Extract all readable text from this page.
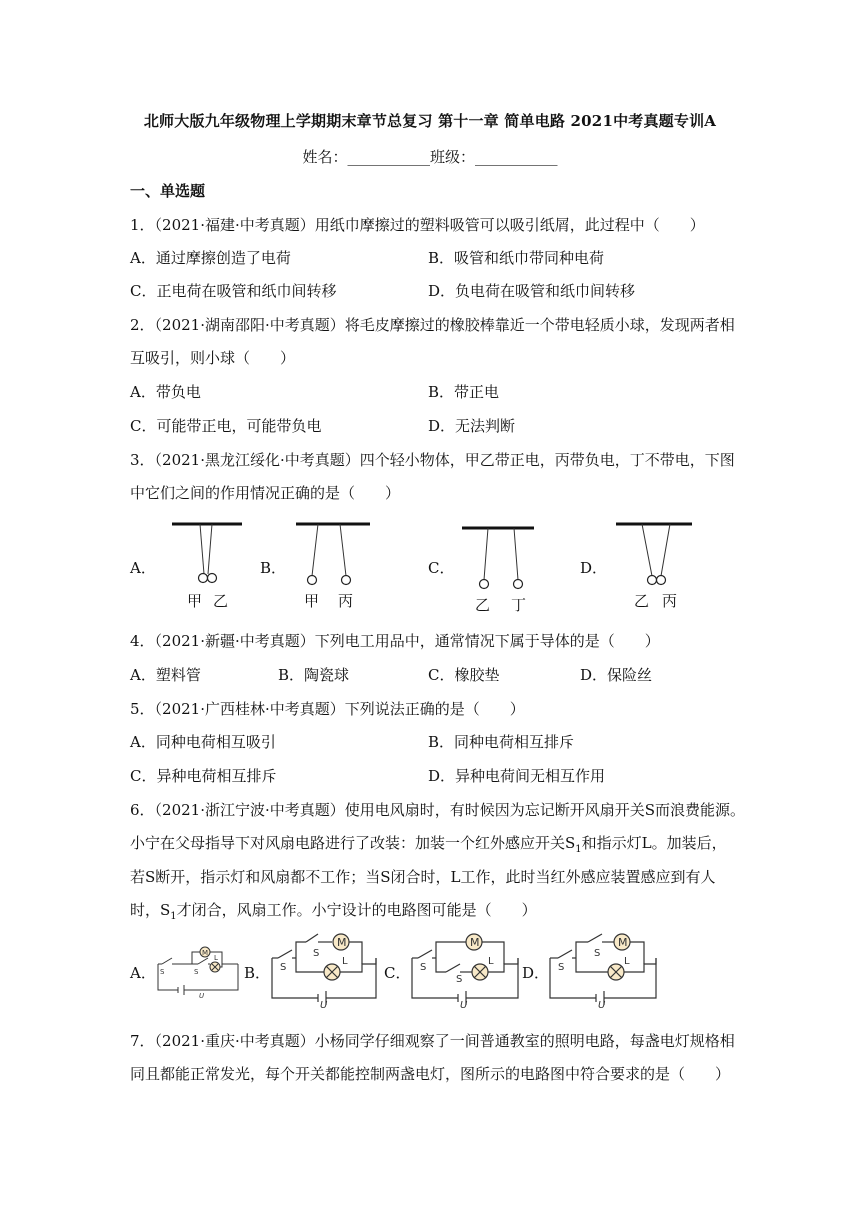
北师大版九年级物理上学期期末章节总复习 第十一章 简单电路 2021中考真题专训A
姓名：___________班级：___________
一、单选题
1．（2021·福建·中考真题）用纸巾摩擦过的塑料吸管可以吸引纸屑，此过程中（　　）
A．通过摩擦创造了电荷	B．吸管和纸巾带同种电荷
C．正电荷在吸管和纸巾间转移	D．负电荷在吸管和纸巾间转移
2．（2021·湖南邵阳·中考真题）将毛皮摩擦过的橡胶棒靠近一个带电轻质小球，发现两者相
互吸引，则小球（　　）
A．带负电	B．带正电
C．可能带正电，可能带负电	D．无法判断
3．（2021·黑龙江绥化·中考真题）四个轻小物体，甲乙带正电，丙带负电，丁不带电，下图
中它们之间的作用情况正确的是（　　）
A．
甲 乙
B．
甲 丙
C．
乙 丁
D．
乙 丙
4．（2021·新疆·中考真题）下列电工用品中，通常情况下属于导体的是（　　）
A．塑料管	B．陶瓷球	C．橡胶垫	D．保险丝
5．（2021·广西桂林·中考真题）下列说法正确的是（　　）
A．同种电荷相互吸引	B．同种电荷相互排斥
C．异种电荷相互排斥	D．异种电荷间无相互作用
6．（2021·浙江宁波·中考真题）使用电风扇时，有时候因为忘记断开风扇开关S而浪费能源。
小宁在父母指导下对风扇电路进行了改装：加装一个红外感应开关$S_1$和指示灯L。加装后，
若S断开，指示灯和风扇都不工作；当S闭合时，L工作，此时当红外感应装置感应到有人
时，$S_1$才闭合，风扇工作。小宁设计的电路图可能是（　　）
A．
M
S	S
L
U
B．
M
S
S
L
U
C．
M
S
S
L
U
D．
M
S
S
L
U
7．（2021·重庆·中考真题）小杨同学仔细观察了一间普通教室的照明电路，每盏电灯规格相
同且都能正常发光，每个开关都能控制两盏电灯，图所示的电路图中符合要求的是（　　）
